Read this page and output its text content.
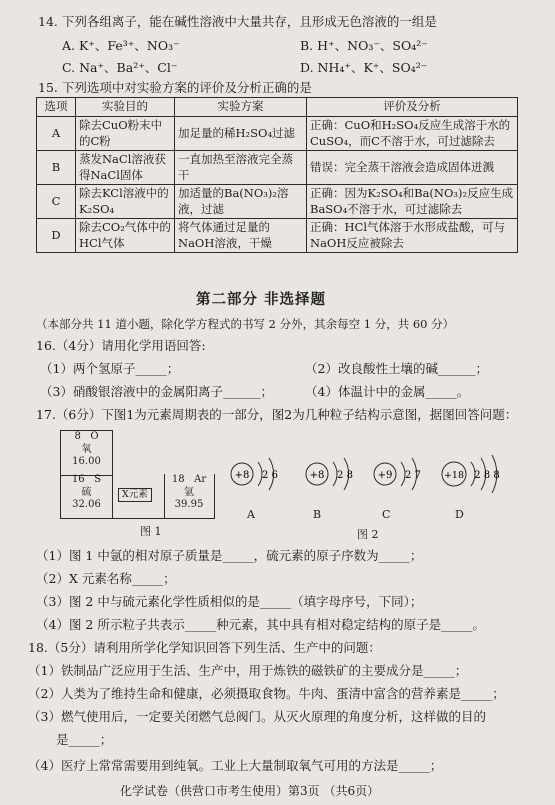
14. 下列各组离子，能在碱性溶液中大量共存，且形成无色溶液的一组是
A. K⁺、Fe³⁺、NO₃⁻	B. H⁺、NO₃⁻、SO₄²⁻
C. Na⁺、Ba²⁺、Cl⁻	D. NH₄⁺、K⁺、SO₄²⁻
15. 下列选项中对实验方案的评价及分析正确的是
选项	实验目的	实验方案	评价及分析
A	除去CuO粉末中的C粉	加足量的稀H₂SO₄过滤	正确：CuO和H₂SO₄反应生成溶于水的CuSO₄，而C不溶于水，可过滤除去
B	蒸发NaCl溶液获得NaCl固体	一直加热至溶液完全蒸干	错误：完全蒸干溶液会造成固体迸溅
C	除去KCl溶液中的K₂SO₄	加适量的Ba(NO₃)₂溶液，过滤	正确：因为K₂SO₄和Ba(NO₃)₂反应生成BaSO₄不溶于水，可过滤除去
D	除去CO₂气体中的HCl气体	将气体通过足量的NaOH溶液，干燥	正确：HCl气体溶于水形成盐酸，可与NaOH反应被除去
第二部分 非选择题
（本部分共 11 道小题，除化学方程式的书写 2 分外，其余每空 1 分，共 60 分）
16.（4分）请用化学用语回答:
（1）两个氢原子_____；	（2）改良酸性土壤的碱______；
（3）硝酸银溶液中的金属阳离子______；	（4）体温计中的金属_____。
17.（6分）下图1为元素周期表的一部分，图2为几种粒子结构示意图，据图回答问题：
8 O
氧
16.00
16 S
硫
32.06
X元素
18 Ar
氩
39.95
图 1
+8 2 6	+8 2 8 +9 2 7 +18 2 8 8
A	B	C	D
图 2
（1）图 1 中氩的相对原子质量是_____，硫元素的原子序数为_____；
（2）X 元素名称_____；
（3）图 2 中与硫元素化学性质相似的是_____（填字母序号，下同）；
（4）图 2 所示粒子共表示_____种元素，其中具有相对稳定结构的原子是_____。
18.（5分）请利用所学化学知识回答下列生活、生产中的问题：
（1）铁制品广泛应用于生活、生产中，用于炼铁的磁铁矿的主要成分是_____；
（2）人类为了维持生命和健康，必须摄取食物。牛肉、蛋清中富含的营养素是_____；
（3）燃气使用后，一定要关闭燃气总阀门。从灭火原理的角度分析，这样做的目的
是_____；
（4）医疗上常常需要用到纯氧。工业上大量制取氧气可用的方法是_____；
化学试卷（供营口市考生使用）第3页 （共6页）
